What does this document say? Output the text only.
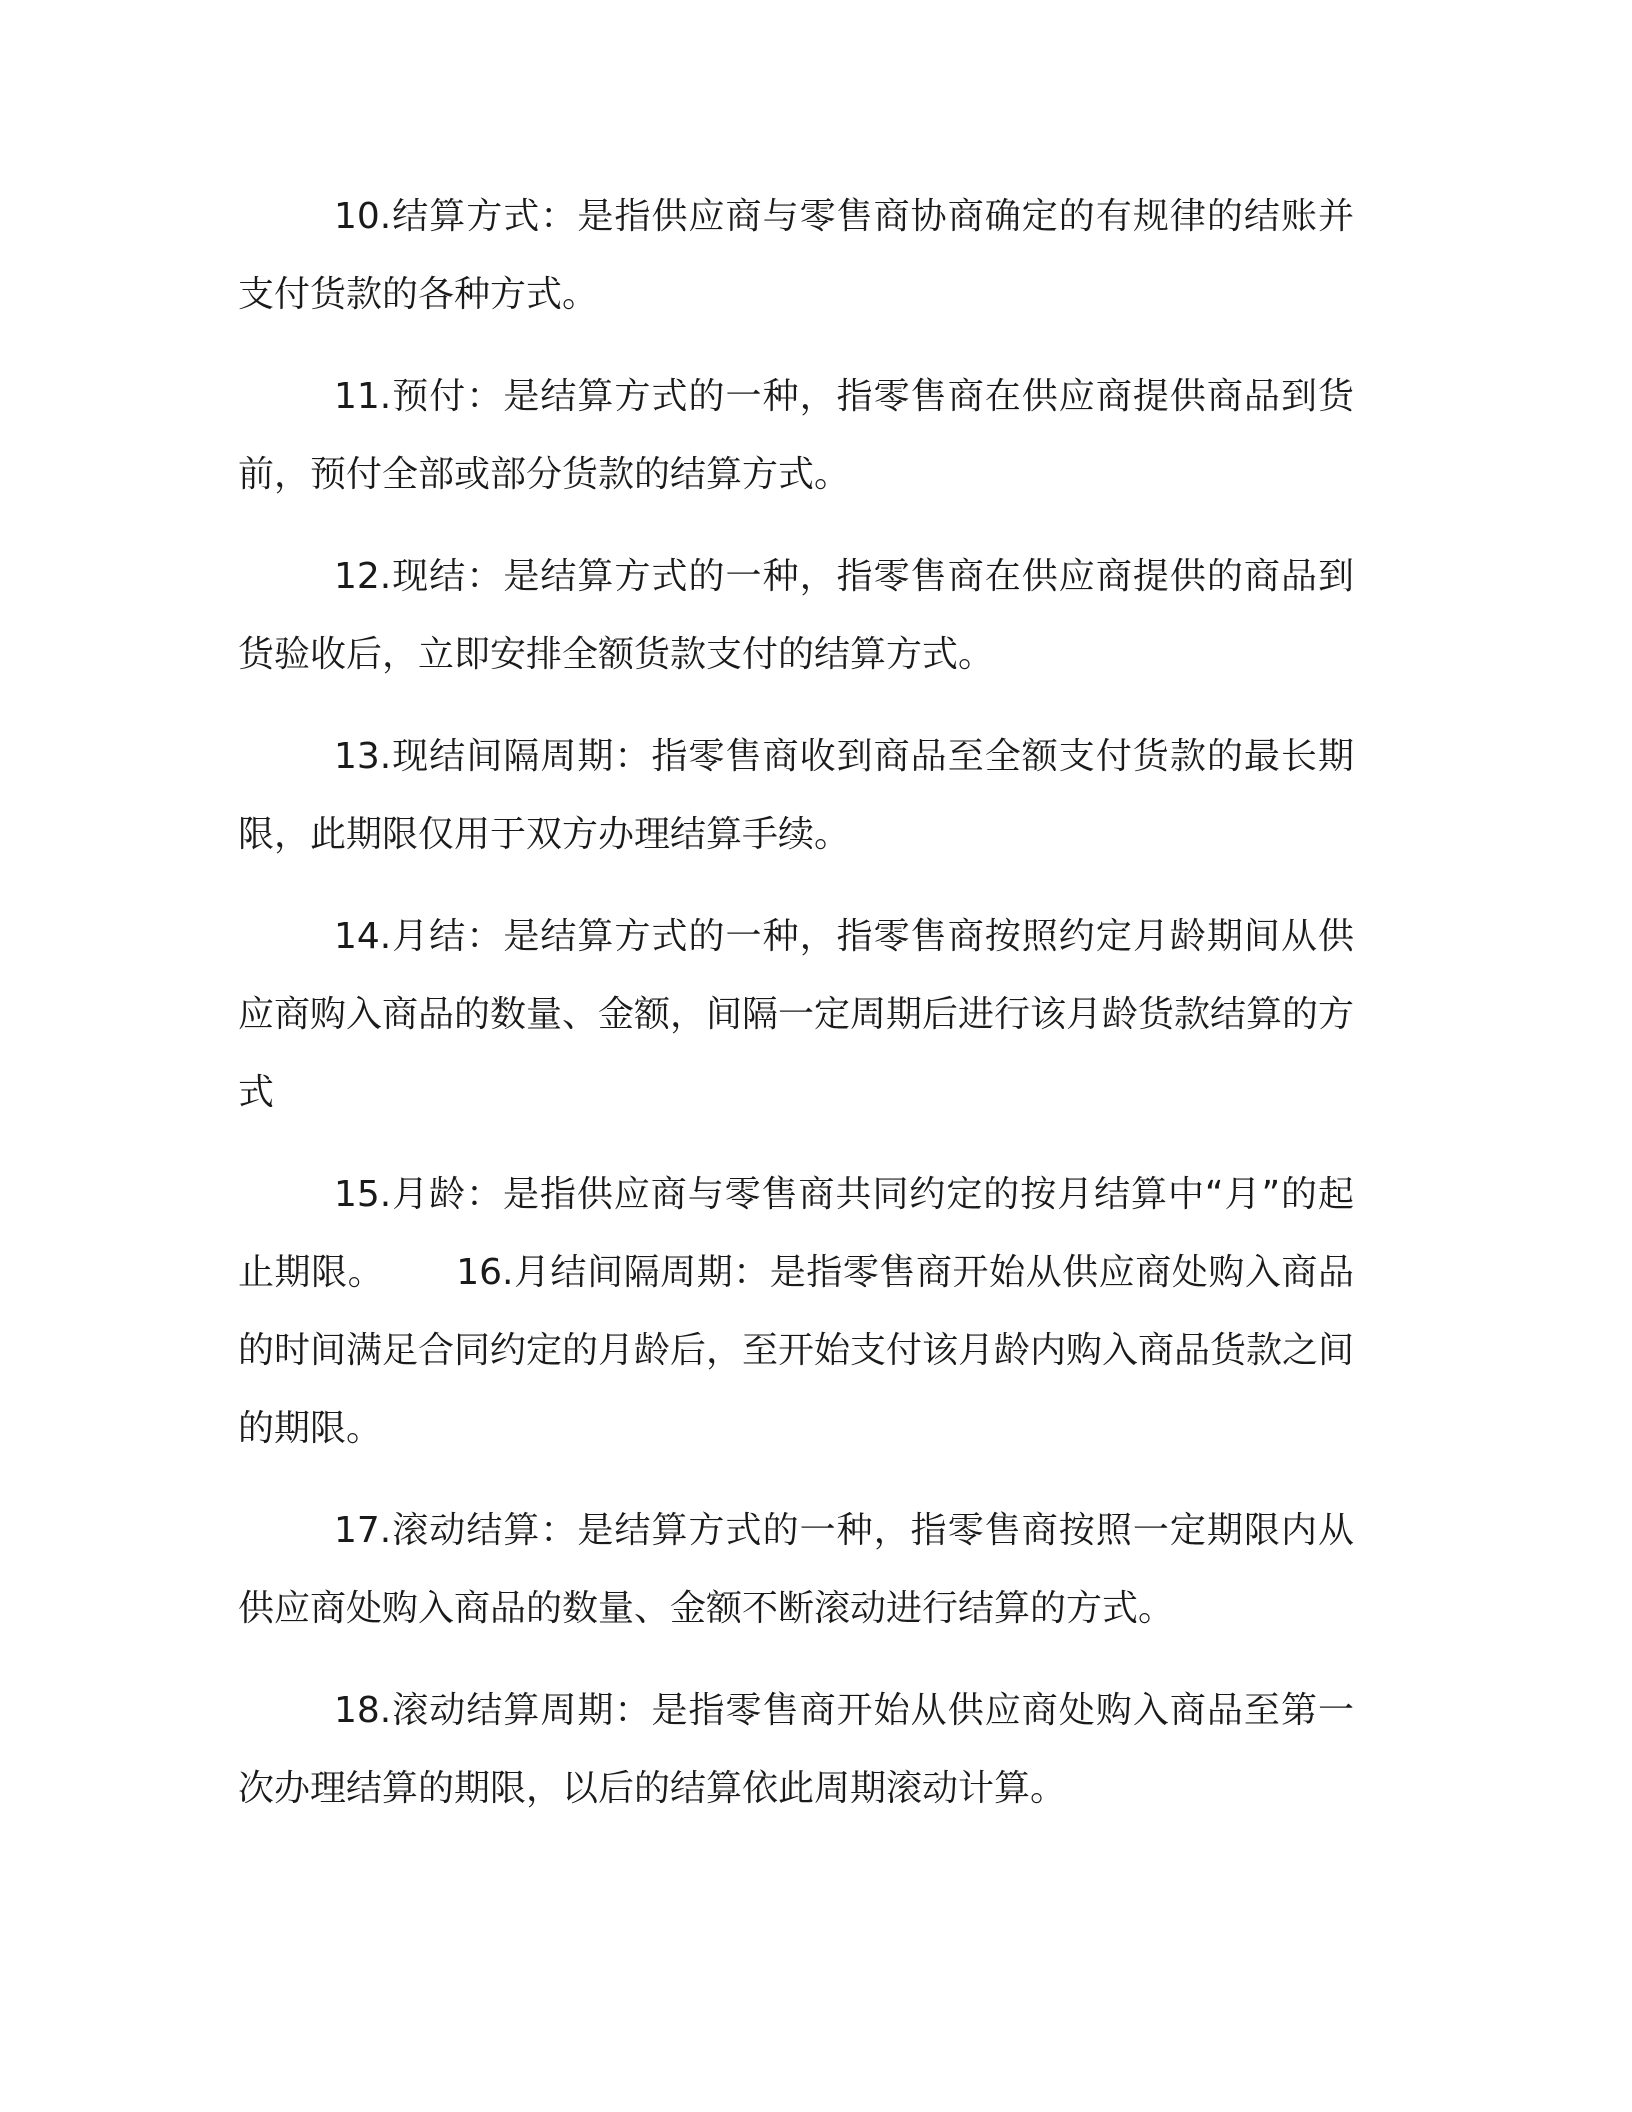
10.结算方式：是指供应商与零售商协商确定的有规律的结账并支付货款的各种方式。

11.预付：是结算方式的一种，指零售商在供应商提供商品到货前，预付全部或部分货款的结算方式。

12.现结：是结算方式的一种，指零售商在供应商提供的商品到货验收后，立即安排全额货款支付的结算方式。

13.现结间隔周期：指零售商收到商品至全额支付货款的最长期限，此期限仅用于双方办理结算手续。

14.月结：是结算方式的一种，指零售商按照约定月龄期间从供应商购入商品的数量、金额，间隔一定周期后进行该月龄货款结算的方式

15.月龄：是指供应商与零售商共同约定的按月结算中“月”的起止期限。 16.月结间隔周期：是指零售商开始从供应商处购入商品的时间满足合同约定的月龄后，至开始支付该月龄内购入商品货款之间的期限。

17.滚动结算：是结算方式的一种，指零售商按照一定期限内从供应商处购入商品的数量、金额不断滚动进行结算的方式。

18.滚动结算周期：是指零售商开始从供应商处购入商品至第一次办理结算的期限，以后的结算依此周期滚动计算。
